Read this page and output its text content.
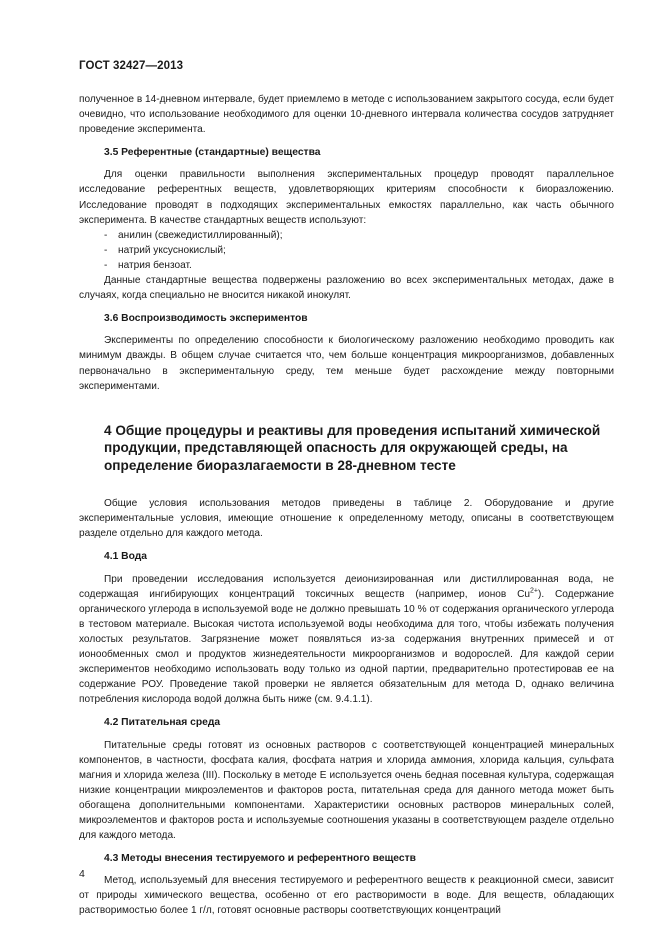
ГОСТ 32427—2013

полученное в 14-дневном интервале, будет приемлемо в методе с использованием закрытого сосуда, если будет очевидно, что использование необходимого для оценки 10-дневного интервала количества сосудов затрудняет проведение эксперимента.

3.5 Референтные (стандартные) вещества

Для оценки правильности выполнения экспериментальных процедур проводят параллельное исследование референтных веществ, удовлетворяющих критериям способности к биоразложению. Исследование проводят в подходящих экспериментальных емкостях параллельно, как часть обычного эксперимента. В качестве стандартных веществ используют:

- анилин (свежедистиллированный);

- натрий уксуснокислый;

- натрия бензоат.

Данные стандартные вещества подвержены разложению во всех экспериментальных методах, даже в случаях, когда специально не вносится никакой инокулят.

3.6 Воспроизводимость экспериментов

Эксперименты по определению способности к биологическому разложению необходимо проводить как минимум дважды. В общем случае считается что, чем больше концентрация микроорганизмов, добавленных первоначально в экспериментальную среду, тем меньше будет расхождение между повторными экспериментами.

4 Общие процедуры и реактивы для проведения испытаний химической продукции, представляющей опасность для окружающей среды, на определение биоразлагаемости в 28-дневном тесте

Общие условия использования методов приведены в таблице 2. Оборудование и другие экспериментальные условия, имеющие отношение к определенному методу, описаны в соответствующем разделе отдельно для каждого метода.

4.1 Вода

При проведении исследования используется деионизированная или дистиллированная вода, не содержащая ингибирующих концентраций токсичных веществ (например, ионов $Cu^{2+}$). Содержание органического углерода в используемой воде не должно превышать 10 % от содержания органического углерода в тестовом материале. Высокая чистота используемой воды необходима для того, чтобы избежать получения холостых результатов. Загрязнение может появляться из-за содержания внутренних примесей и от ионообменных смол и продуктов жизнедеятельности микроорганизмов и водорослей. Для каждой серии экспериментов необходимо использовать воду только из одной партии, предварительно протестировав ее на содержание РОУ. Проведение такой проверки не является обязательным для метода D, однако величина потребления кислорода водой должна быть ниже (см. 9.4.1.1).

4.2 Питательная среда

Питательные среды готовят из основных растворов с соответствующей концентрацией минеральных компонентов, в частности, фосфата калия, фосфата натрия и хлорида аммония, хлорида кальция, сульфата магния и хлорида железа (III). Поскольку в методе Е используется очень бедная посевная культура, содержащая низкие концентрации микроэлементов и факторов роста, питательная среда для данного метода может быть обогащена дополнительными компонентами. Характеристики основных растворов минеральных солей, микроэлементов и факторов роста и используемые соотношения указаны в соответствующем разделе отдельно для каждого метода.

4.3 Методы внесения тестируемого и референтного веществ

Метод, используемый для внесения тестируемого и референтного веществ к реакционной смеси, зависит от природы химического вещества, особенно от его растворимости в воде. Для веществ, обладающих растворимостью более 1 г/л, готовят основные растворы соответствующих концентраций

4
